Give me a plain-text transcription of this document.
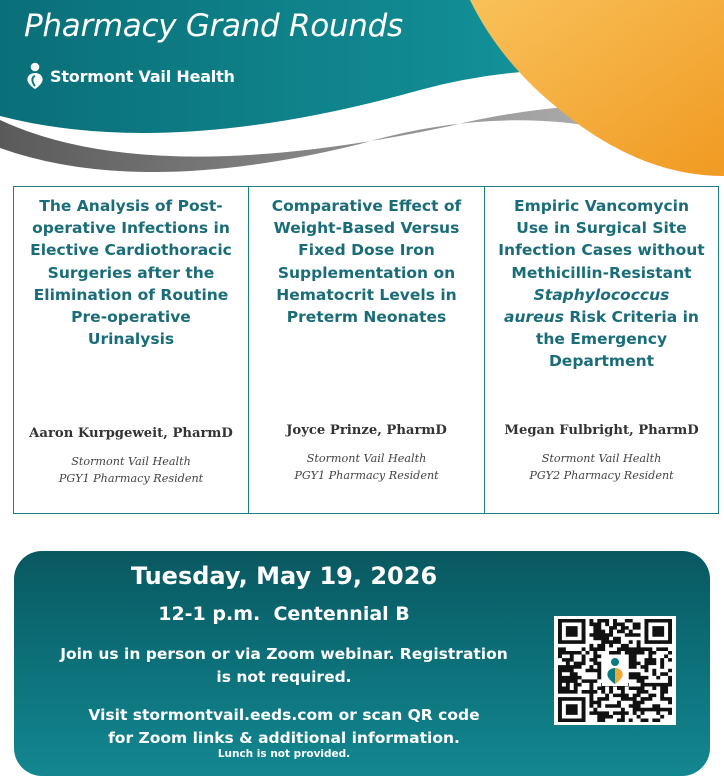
Pharmacy Grand Rounds
Stormont Vail Health
The Analysis of Post-
operative Infections in
Elective Cardiothoracic
Surgeries after the
Elimination of Routine
Pre-operative
Urinalysis
Aaron Kurpgeweit, PharmD
Stormont Vail Health
PGY1 Pharmacy Resident
Comparative Effect of
Weight-Based Versus
Fixed Dose Iron
Supplementation on
Hematocrit Levels in
Preterm Neonates
Joyce Prinze, PharmD
Stormont Vail Health
PGY1 Pharmacy Resident
Empiric Vancomycin
Use in Surgical Site
Infection Cases without
Methicillin-Resistant
Staphylococcus
aureus Risk Criteria in
the Emergency
Department
Megan Fulbright, PharmD
Stormont Vail Health
PGY2 Pharmacy Resident
Tuesday, May 19, 2026
12-1 p.m.  Centennial B
Join us in person or via Zoom webinar. Registration
is not required.
Visit stormontvail.eeds.com or scan QR code
for Zoom links & additional information.
Lunch is not provided.
